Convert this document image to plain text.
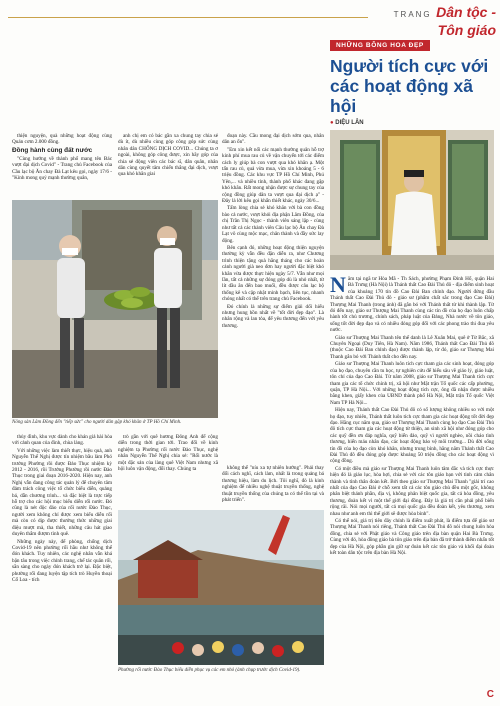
TRANG Dân tộc - Tôn giáo

thiện nguyện, quà những hoạt động cùng Quán cơm 2.000 đồng.

Đồng hành cùng đất nước

"Cùng hướng về thành phố mang tên Bác vượt đại dịch Covid" - Trang chủ Facebook của Cầu lạc bộ Ăn chay Đà Lạt kêu gọi, ngày 17/6 - "Kính mong quý mạnh thường quân,

anh chị em có bác gần xa chung tay chia sẻ dù ít, dù nhiều cùng góp công góp sức cùng nhân dân CHỐNG DỊCH COVID... Chúng ta ơ ngoài, không góp công được, xin hãy góp của chia sẻ động viên các bác sĩ, dân quân, nhân dân cùng quyết tâm chiến thắng đại dịch, vượt qua khó khăn giai

đoạn này. Cầu mong đại dịch sớm qua, nhân dân an ổn".

"Em xin kết nối các mạnh thường quân hỗ trợ kinh phí mua rau củ về vận chuyển tới các điểm cách ly giúp bà con vượt qua khó khăn ạ. Một tấn rau củ, quả vừa mua, vừa xin khoảng 5 - 6 triệu đồng. Các khu vực TP Hồ Chí Minh, Phú Yên,... và nhiều tỉnh, thành phố khác đang gặp khó khăn. Rất mong nhận được sự chung tay của cộng đồng giúp dân ta vượt qua đại dịch ạ" - Đây là lời kêu gọi khẩn thiết khác, ngày 30/6...

Tấm lòng chia sẻ khó khăn với bà con đồng bào cả nước, vượt khỏi địa phận Lâm Đồng, của chị Trần Thị Ngọc - thành viên sáng lập - cùng như tất cả các thành viên Câu lạc bộ Ăn chay Đà Lạt vô cùng mộc mạc, chân thành và đầy sức lay động.

Bên cạnh đó, những hoạt động thiện nguyện thường kỳ vẫn đều đặn diễn ra, như Chương trình thiện tặng quà hằng tháng cho các hoàn cảnh người già neo đơn hay người đặc biệt khó khăn vừa được thực hiện ngày 5/7. Vẫn như mọi lần, tất cả những sự đóng góp dù là nhỏ nhất, từ lít dầu ăn đến bao muối, đều được câu lạc bộ thống kê và cập nhật minh bạch, liên tục, nhanh chóng nhất có thể trên trang chủ Facebook.

Đó chính là những sự điểm giải dối hiểu nhưng hung hồn nhất về "tốt đời đẹp đạo". Là nhân rộng và lan tỏa, để yêu thương đến với yêu thương.

Nông sản Lâm Đồng đến "tiếp sức" cho người dân gặp khó khăn ở TP Hồ Chí Minh.

thủy đình, khu vực dành cho khán giả hài hòa với cảnh quan của đình, chùa làng.

Với những việc làm thiết thực, hiệu quả, anh Nguyễn Thế Nghị được tín nhiệm bầu làm Phó trưởng Phường rồi được Đảo Thục nhiệm kỳ 2012 - 2016, rồi Trưởng Phường rồi nước Đào Thục trong giai đoạn 2016-2020. Hiện nay, anh Nghị vẫn đang công tác quản lý để chuyên tâm đảm trách công việc tổ chức biểu diễn, quảng bá, dẫn chương trình... và đặc biệt là trực tiếp hỗ trợ cho các hội mục biểu diễn rối nước. Đó cũng là nét độc đáo của rối nước Đào Thục, người xem không chỉ được xem biểu diễn rối mà còn có dịp được thưởng thức những giai điệu mượt mà, tha thiết, những câu hát giao duyên thắm đượm tình quê.

Những ngày này, để phòng, chống dịch Covid-19 nên phường rối hầu như không thể đón khách. Tuy nhiên, các nghệ nhân vẫn khá bận tâu trong việc chỉnh trang, chế tác quân rối, sẵn sàng cho ngày đón khách trở lại. Đặc biệt, phường rối đang luyện tập tích trò Huyền thoại Cổ Loa - tích

trò gần với quê hương Đông Anh để cộng diễn trong thời gian tới. Trao đổi về kinh nghiệm tạ Phường rối nước Đào Thục, nghệ nhân Nguyễn Thế Nghị chia sẻ: "Rối nước là một đặc sản của làng quê Việt Nam nhưng xã hội luôn vận động, đổi thay. Chúng ta	không thể "níu xa tự nhiên hướng". Phải thay đổi cách nghĩ, cách làm, nhất là trong quảng bá thương hiệu, làm du lịch. Tôi nghĩ, đó là kinh nghiệm để nhiều nghệ thuật truyền thống, nghệ thuật truyền thống của chúng ta có thể tồn tại và phát triển".

Phường rối nước Đào Thục biểu diễn phục vụ các em nhỏ (ảnh chụp trước dịch Covid-19).
NHỮNG BÔNG HOA ĐẸP
Người tích cực với các hoạt động xã hội
● DIỆU LÂN

Năm tại ngã tư Hòa Mã - Th Sách, phường Phạm Đình Hổ, quận Hai Bà Trưng (Hà Nội) là Thánh thất Cao Đài Thủ đô - địa điểm sinh hoạt của khoảng 170 tín đồ Cao Đài Ban chỉnh đạo. Người đứng đầu Thánh thất Cao Đài Thủ đô - giáo sư (phẩm chất sắc trong đạo Cao Đài) Thượng Mai Thanh (trong ảnh) đã gắn bó với Thánh thất từ khi thành lập. Từ đó đến nay, giáo sư Thượng Mai Thanh cùng các tín đồ của họ đạo luôn chấp hành tốt chủ trương, chính sách, pháp luật của Đảng, Nhà nước về tôn giáo, sống tốt đời đẹp đạo và có nhiều đóng góp đối với các phong trào thi đua yêu nước.

Giáo sư Thượng Mai Thanh tên thế danh là Lê Xuân Mai, quê ở Từ Bắc, xã Chuyên Ngoại (Duy Tiên, Hà Nam). Năm 1986, Thánh thất Cao Đài Thủ đô (thuộc Cao Đài Ban chỉnh đạo) được thành lập, từ đó, giáo sư Thượng Mai Thanh gắn bó với Thánh thất cho đến nay.

Giáo sư Thượng Mai Thanh luôn tích cực tham gia các sinh hoạt, đóng góp của họ đạo, chuyên cần tu học, tự nghiên cứu để hiểu sâu về giáo lý, giáo luật, tôn chỉ của đạo Cao Đài. Từ năm 2008, giáo sư Thượng Mai Thanh tích cực tham gia các tổ chức chính trị, xã hội như Mặt trận Tổ quốc các cấp phường, quận, TP Hà Nội... Với những hoạt động tích cực, ông đã nhận được nhiều bằng khen, giấy khen của UBND thành phố Hà Nội, Mặt trận Tổ quốc Việt Nam TP Hà Nội...

Hiện nay, Thánh thất Cao Đài Thủ đô có số lượng không nhiều so với một họ đạo, tuy nhiên, Thánh thất luôn tích cực tham gia các hoạt động tốt đời đẹp đạo. Hằng cục năm qua, giáo sư Thượng Mai Thanh cùng họ đạo Cao Đài Thủ đô tích cực tham gia các hoạt động từ thiện, an sinh xã hội như đóng góp cho các quỹ đền ơn đáp nghĩa, quỹ biển đảo, quỹ vì người nghèo, nồi cháo tình thương, hiến máu nhân đạo, các hoạt động bảo vệ môi trường... Dù đời sống tín đồ của họ đạo còn khó khăn, nhưng trung bình, hằng năm Thánh thất Cao Đài Thủ đô đều đóng góp được khoảng 50 triệu đồng cho các hoạt động vì cộng đồng.

Có một điều mà giáo sư Thượng Mai Thanh luôn tâm đắc và tích cực thực hiện đó là giáo lục, hòa hợi, chia sẻ với các tôn giáo bạn với tinh cảm chân thành và tình thân đoàn kết. Bởi theo giáo sư Thượng Mai Thanh "giải trí cao nhất của đạo Cao Đài ở chỗ xem tất cả các tôn giáo chủ đều một gốc, không phân biệt thánh phần, địa vị, không phân biệt quốc gia, tất cả hòa đồng, yêu thương, đoàn kết vì một thế giới đại đồng. Đây là giá trị cần phải phổ biến rộng rãi. Nói mọi người, tất cả mọi quốc gia đều đoàn kết, yêu thương, xem nhau như anh em thì thế giới sẽ được hòa bình".

Có thể nói, giá trị tiên đây chính là điểm xuất phát, là điểm tựa để giáo sư Thượng Mai Thanh nói riêng, Thánh thất Cao Đài Thủ đô nói chung luôn hòa đồng, chia sẻ với Phật giáo và Công giáo trên địa bàn quận Hai Bà Trưng. Cùng với đó, hòa đồng giáo bà tôn giáo trên địa bàn đã trở thành điểm nhấn tốt đẹp của Hà Nội, góp phần gìn giữ sự đoàn kết các tôn giáo và khối đại đoàn kết toàn dân tộc trên địa bàn Hà Nội.

C
